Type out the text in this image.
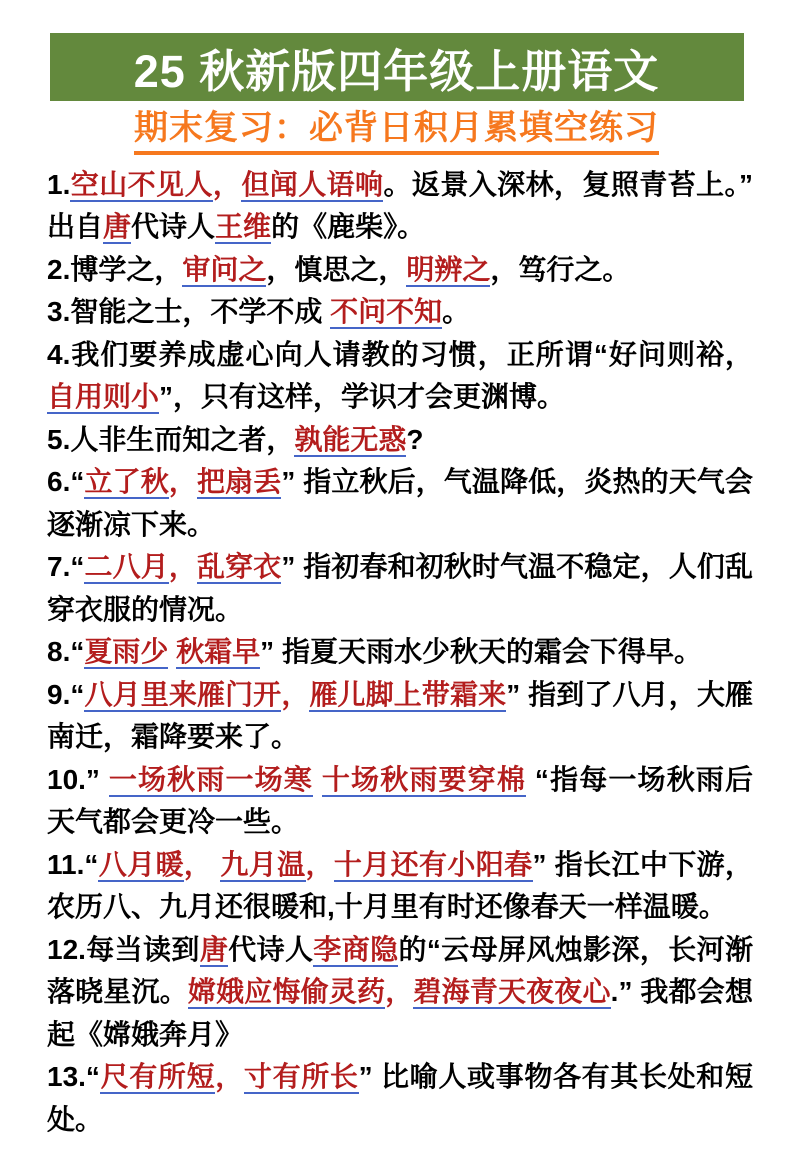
25 秋新版四年级上册语文
期末复习：必背日积月累填空练习

1.空山不见人，但闻人语响。返景入深林，复照青苔上。” 出自唐代诗人王维的《鹿柴》。

2.博学之，审问之，慎思之，明辨之，笃行之。

3.智能之士，不学不成 不问不知。

4.我们要养成虚心向人请教的习惯，正所谓“好问则裕，自用则小”，只有这样，学识才会更渊博。

5.人非生而知之者，孰能无惑?

6.“立了秋，把扇丢” 指立秋后，气温降低，炎热的天气会逐渐凉下来。

7.“二八月，乱穿衣” 指初春和初秋时气温不稳定，人们乱穿衣服的情况。

8.“夏雨少 秋霜早” 指夏天雨水少秋天的霜会下得早。

9.“八月里来雁门开，雁儿脚上带霜来” 指到了八月，大雁南迁，霜降要来了。

10.” 一场秋雨一场寒 十场秋雨要穿棉 “指每一场秋雨后天气都会更冷一些。

11.“八月暖， 九月温，十月还有小阳春” 指长江中下游，农历八、九月还很暖和,十月里有时还像春天一样温暖。

12.每当读到唐代诗人李商隐的“云母屏风烛影深，长河渐落晓星沉。嫦娥应悔偷灵药，碧海青天夜夜心.” 我都会想起《嫦娥奔月》

13.“尺有所短，寸有所长” 比喻人或事物各有其长处和短处。
